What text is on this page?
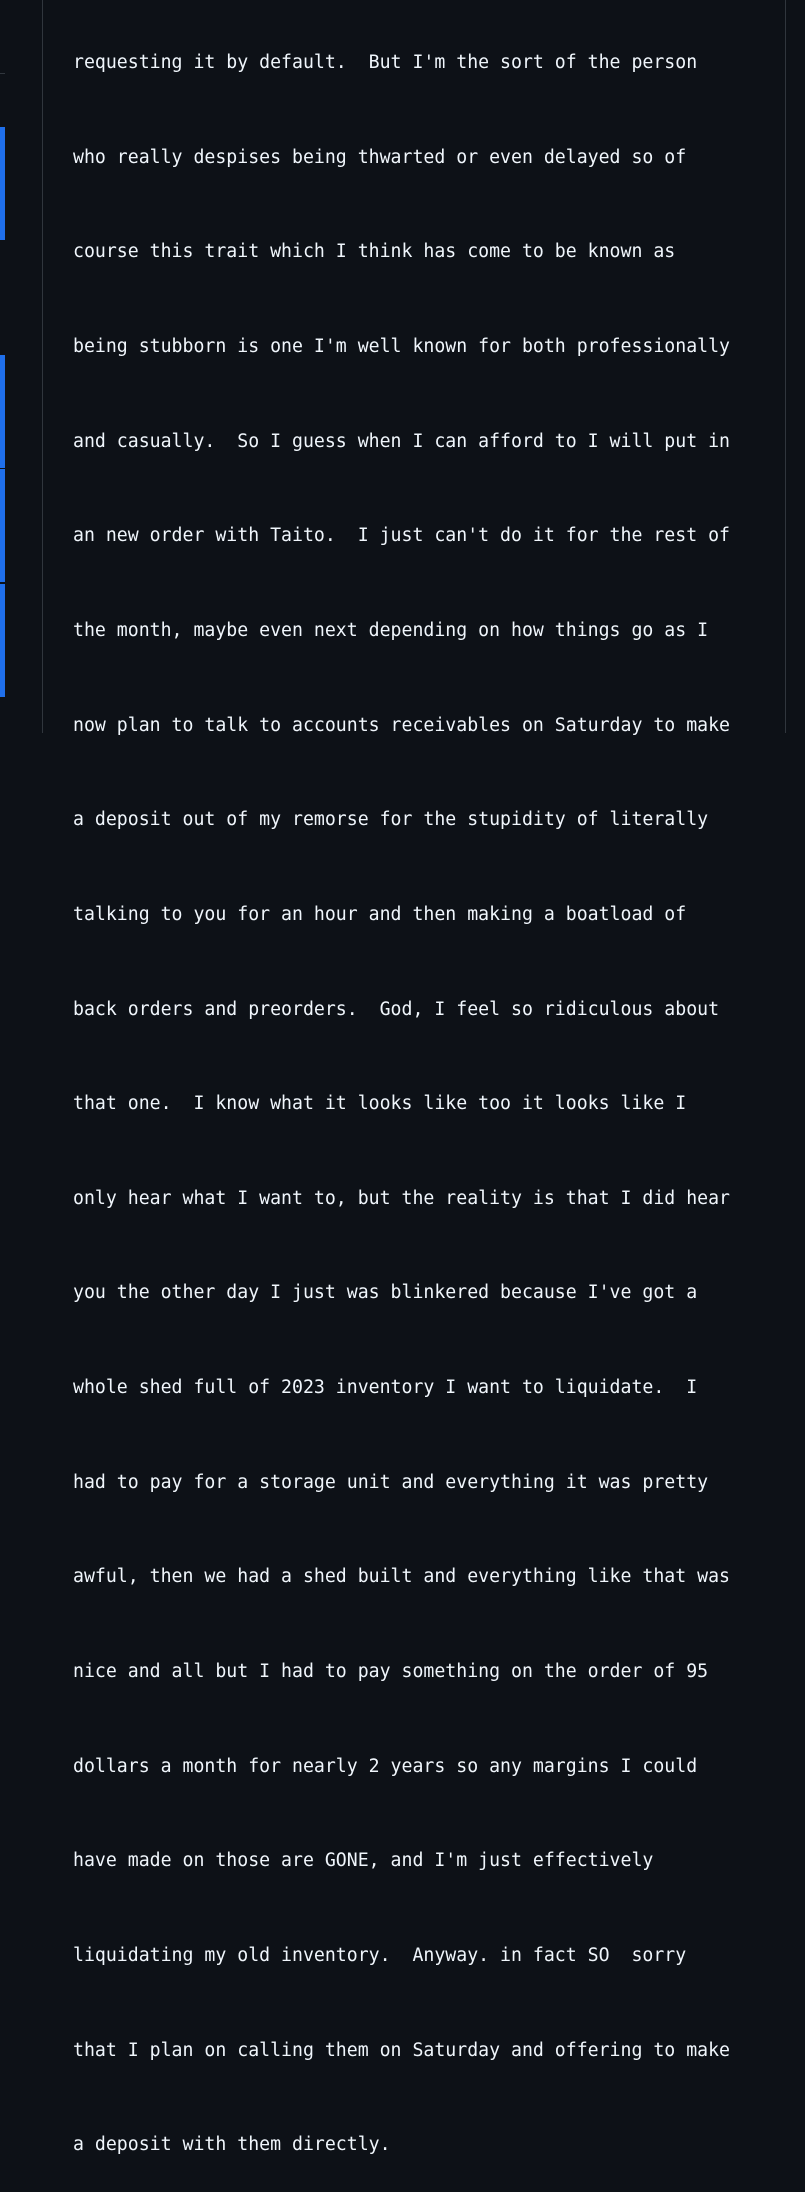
requesting it by default.  But I'm the sort of the person

who really despises being thwarted or even delayed so of

course this trait which I think has come to be known as

being stubborn is one I'm well known for both professionally

and casually.  So I guess when I can afford to I will put in

an new order with Taito.  I just can't do it for the rest of

the month, maybe even next depending on how things go as I

now plan to talk to accounts receivables on Saturday to make

a deposit out of my remorse for the stupidity of literally

talking to you for an hour and then making a boatload of

back orders and preorders.  God, I feel so ridiculous about

that one.  I know what it looks like too it looks like I

only hear what I want to, but the reality is that I did hear

you the other day I just was blinkered because I've got a

whole shed full of 2023 inventory I want to liquidate.  I

had to pay for a storage unit and everything it was pretty

awful, then we had a shed built and everything like that was

nice and all but I had to pay something on the order of 95

dollars a month for nearly 2 years so any margins I could

have made on those are GONE, and I'm just effectively

liquidating my old inventory.  Anyway. in fact SO  sorry

that I plan on calling them on Saturday and offering to make

a deposit with them directly.
